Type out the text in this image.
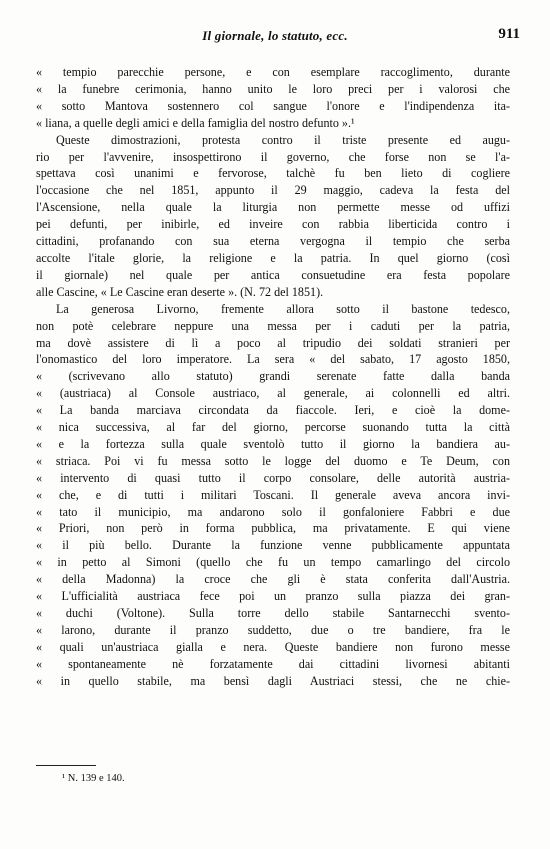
Il giornale, lo statuto, ecc.	911

« tempio parecchie persone, e con esemplare raccoglimento, durante
« la funebre cerimonia, hanno unito le loro preci per i valorosi che
« sotto Mantova sostennero col sangue l'onore e l'indipendenza ita-
« liana, a quelle degli amici e della famiglia del nostro defunto ».¹

Queste dimostrazioni, protesta contro il triste presente ed augu-
rio per l'avvenire, insospettirono il governo, che forse non se l'a-
spettava così unanimi e fervorose, talchè fu ben lieto di cogliere
l'occasione che nel 1851, appunto il 29 maggio, cadeva la festa del
l'Ascensione, nella quale la liturgia non permette messe od uffizi
pei defunti, per inibirle, ed inveire con rabbia liberticida contro i
cittadini, profanando con sua eterna vergogna il tempio che serba
accolte l'itale glorie, la religione e la patria. In quel giorno (così
il giornale) nel quale per antica consuetudine era festa popolare
alle Cascine, « Le Cascine eran deserte ». (N. 72 del 1851).

La generosa Livorno, fremente allora sotto il bastone tedesco,
non potè celebrare neppure una messa per i caduti per la patria,
ma dovè assistere di lì a poco al tripudio dei soldati stranieri per
l'onomastico del loro imperatore. La sera « del sabato, 17 agosto 1850,
« (scrivevano allo statuto) grandi serenate fatte dalla banda
« (austriaca) al Console austriaco, al generale, ai colonnelli ed altri.
« La banda marciava circondata da fiaccole. Ieri, e cioè la dome-
« nica successiva, al far del giorno, percorse suonando tutta la città
« e la fortezza sulla quale sventolò tutto il giorno la bandiera au-
« striaca. Poi vi fu messa sotto le logge del duomo e Te Deum, con
« intervento di quasi tutto il corpo consolare, delle autorità austria-
« che, e di tutti i militari Toscani. Il generale aveva ancora invi-
« tato il municipio, ma andarono solo il gonfaloniere Fabbri e due
« Priori, non però in forma pubblica, ma privatamente. E qui viene
« il più bello. Durante la funzione venne pubblicamente appuntata
« in petto al Simoni (quello che fu un tempo camarlingo del circolo
« della Madonna) la croce che gli è stata conferita dall'Austria.
« L'ufficialità austriaca fece poi un pranzo sulla piazza dei gran-
« duchi (Voltone). Sulla torre dello stabile Santarnecchi svento-
« larono, durante il pranzo suddetto, due o tre bandiere, fra le
« quali un'austriaca gialla e nera. Queste bandiere non furono messe
« spontaneamente nè forzatamente dai cittadini livornesi abitanti
« in quello stabile, ma bensì dagli Austriaci stessi, che ne chie-

¹ N. 139 e 140.
